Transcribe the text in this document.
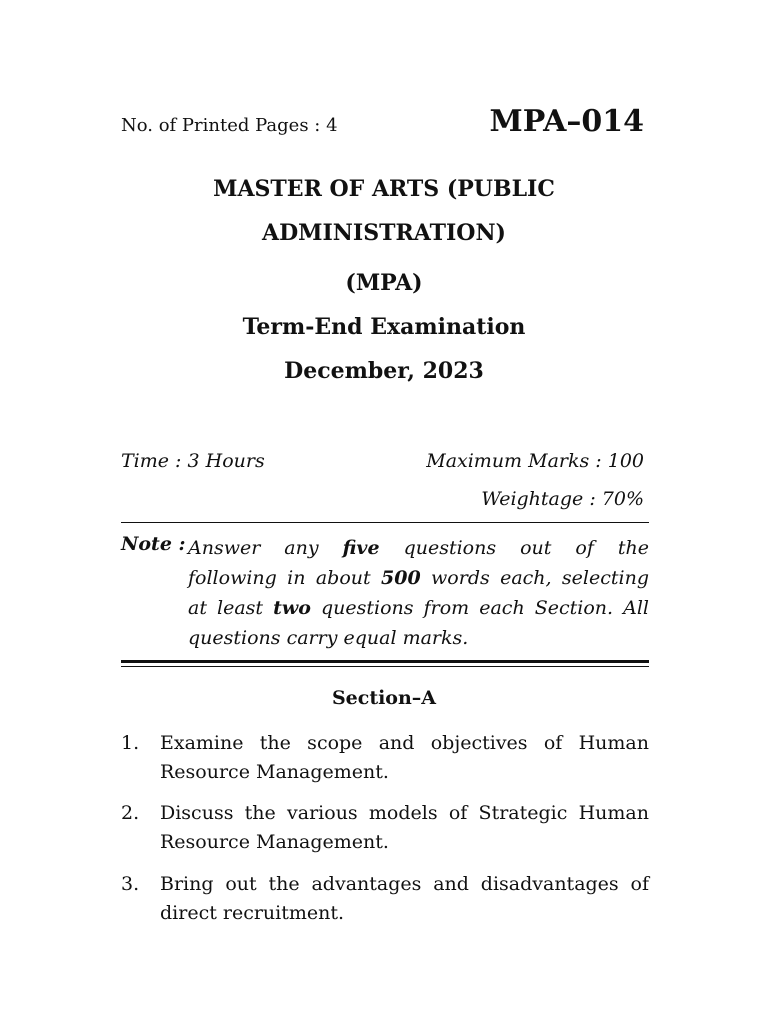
No. of Printed Pages : 4	MPA–014
MASTER OF ARTS (PUBLIC
ADMINISTRATION)
(MPA)
Term-End Examination
December, 2023
Time : 3 Hours	Maximum Marks : 100
Weightage : 70%
Note : Answer any five questions out of the
following in about 500 words each, selecting
at least two questions from each Section. All
questions carry equal marks.
Section–A
1. Examine the scope and objectives of Human
Resource Management.
2. Discuss the various models of Strategic Human
Resource Management.
3. Bring out the advantages and disadvantages of
direct recruitment.
